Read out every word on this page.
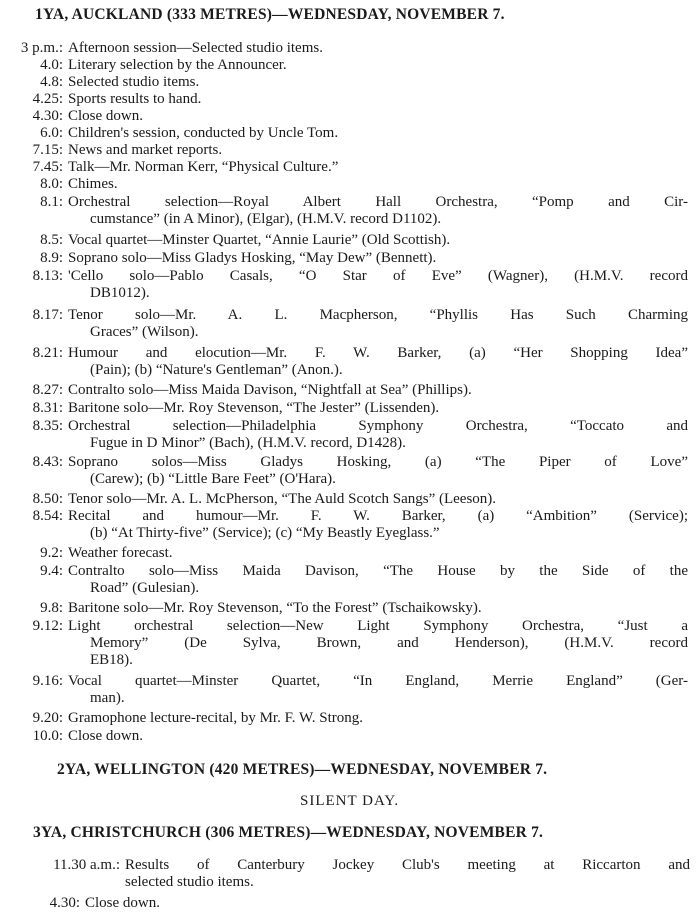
1YA, AUCKLAND (333 METRES)—WEDNESDAY, NOVEMBER 7.
3 p.m.: Afternoon session—Selected studio items.
4.0: Literary selection by the Announcer.
4.8: Selected studio items.
4.25: Sports results to hand.
4.30: Close down.
6.0: Children's session, conducted by Uncle Tom.
7.15: News and market reports.
7.45: Talk—Mr. Norman Kerr, “Physical Culture.”
8.0: Chimes.
8.1: Orchestral selection—Royal Albert Hall Orchestra, “Pomp and Cir-
cumstance” (in A Minor), (Elgar), (H.M.V. record D1102).
8.5: Vocal quartet—Minster Quartet, “Annie Laurie” (Old Scottish).
8.9: Soprano solo—Miss Gladys Hosking, “May Dew” (Bennett).
8.13: 'Cello solo—Pablo Casals, “O Star of Eve” (Wagner), (H.M.V. record
DB1012).
8.17: Tenor solo—Mr. A. L. Macpherson, “Phyllis Has Such Charming
Graces” (Wilson).
8.21: Humour and elocution—Mr. F. W. Barker, (a) “Her Shopping Idea”
(Pain); (b) “Nature's Gentleman” (Anon.).
8.27: Contralto solo—Miss Maida Davison, “Nightfall at Sea” (Phillips).
8.31: Baritone solo—Mr. Roy Stevenson, “The Jester” (Lissenden).
8.35: Orchestral selection—Philadelphia Symphony Orchestra, “Toccato and
Fugue in D Minor” (Bach), (H.M.V. record, D1428).
8.43: Soprano solos—Miss Gladys Hosking, (a) “The Piper of Love”
(Carew); (b) “Little Bare Feet” (O'Hara).
8.50: Tenor solo—Mr. A. L. McPherson, “The Auld Scotch Sangs” (Leeson).
8.54: Recital and humour—Mr. F. W. Barker, (a) “Ambition” (Service);
(b) “At Thirty-five” (Service); (c) “My Beastly Eyeglass.”
9.2: Weather forecast.
9.4: Contralto solo—Miss Maida Davison, “The House by the Side of the
Road” (Gulesian).
9.8: Baritone solo—Mr. Roy Stevenson, “To the Forest” (Tschaikowsky).
9.12: Light orchestral selection—New Light Symphony Orchestra, “Just a
Memory” (De Sylva, Brown, and Henderson), (H.M.V. record
EB18).
9.16: Vocal quartet—Minster Quartet, “In England, Merrie England” (Ger-
man).
9.20: Gramophone lecture-recital, by Mr. F. W. Strong.
10.0: Close down.
2YA, WELLINGTON (420 METRES)—WEDNESDAY, NOVEMBER 7.
SILENT DAY.
3YA, CHRISTCHURCH (306 METRES)—WEDNESDAY, NOVEMBER 7.
11.30 a.m.: Results of Canterbury Jockey Club's meeting at Riccarton and
selected studio items.
4.30: Close down.
